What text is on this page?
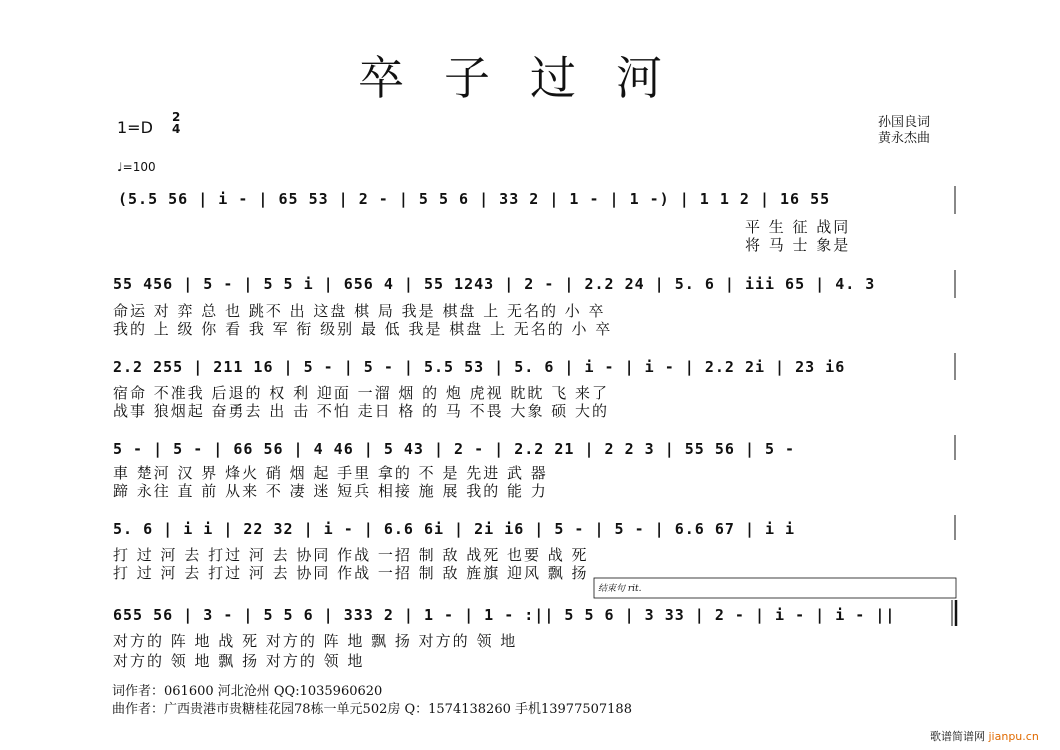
卒子过河
1=D
2
4	孙国良词
黄永杰曲
♩=100
(5.5 56 | i - | 65 53 | 2 - | 5 5 6 | 33 2 | 1 - | 1 -) | 1 1 2 | 16 55
平 生 征 战同
将 马 士 象是
55 456 | 5 - | 5 5 i | 656 4 | 55 1243 | 2 - | 2.2 24 | 5. 6 | iii 65 | 4. 3
命运 对 弈 总 也 跳不 出 这盘 棋 局 我是 棋盘 上 无名的 小 卒
我的 上 级 你 看 我 军 衔 级别 最 低 我是 棋盘 上 无名的 小 卒
2.2 255 | 211 16 | 5 - | 5 - | 5.5 53 | 5. 6 | i - | i - | 2.2 2i | 23 i6
宿命 不准我 后退的 权 利 迎面 一溜 烟 的 炮 虎视 眈眈 飞 来了
战事 狼烟起 奋勇去 出 击 不怕 走日 格 的 马 不畏 大象 硕 大的
5 - | 5 - | 66 56 | 4 46 | 5 43 | 2 - | 2.2 21 | 2 2 3 | 55 56 | 5 -
車 楚河 汉 界 烽火 硝 烟 起 手里 拿的 不 是 先进 武 器
蹄 永往 直 前 从来 不 凄 迷 短兵 相接 施 展 我的 能 力
5. 6 | i i | 22 32 | i - | 6.6 6i | 2i i6 | 5 - | 5 - | 6.6 67 | i i
打 过 河 去 打过 河 去 协同 作战 一招 制 敌 战死 也要 战 死
打 过 河 去 打过 河 去 协同 作战 一招 制 敌 旌旗 迎风 飘 扬
结束句 rit.
655 56 | 3 - | 5 5 6 | 333 2 | 1 - | 1 - :|| 5 5 6 | 3 33 | 2 - | i - | i - ||
对方的 阵 地 战 死 对方的 阵 地 飘 扬 对方的 领 地
对方的 领 地 飘 扬 对方的 领 地
词作者：061600 河北沧州 QQ:1035960620
曲作者：广西贵港市贵糖桂花园78栋一单元502房 Q：1574138260 手机13977507188
歌谱简谱网 jianpu.cn
